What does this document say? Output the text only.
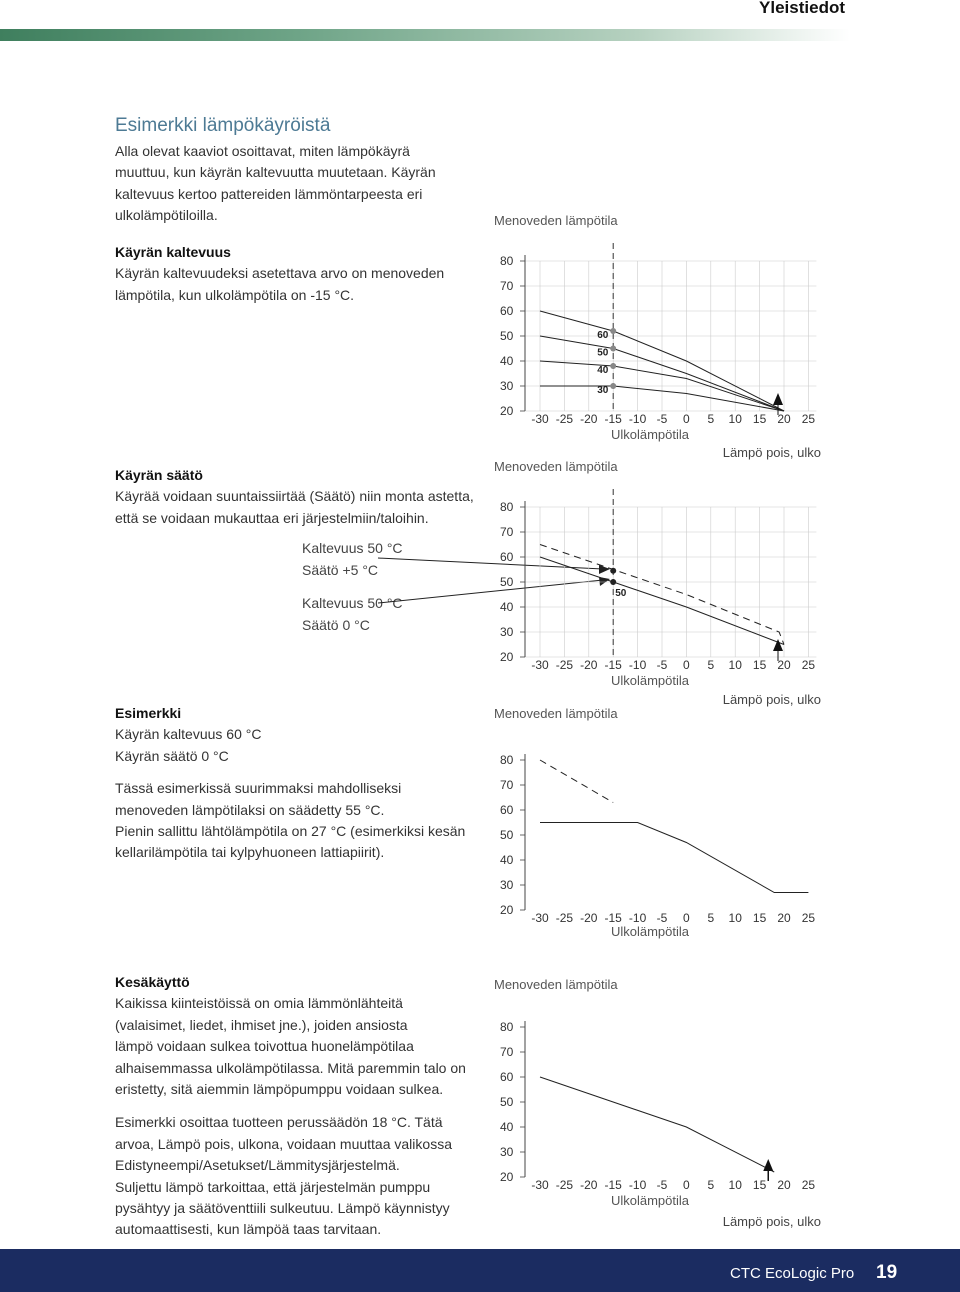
Yleistiedot
Esimerkki lämpökäyröistä

Alla olevat kaaviot osoittavat, miten lämpökäyrä

muuttuu, kun käyrän kaltevuutta muutetaan. Käyrän

kaltevuus kertoo pattereiden lämmöntarpeesta eri

ulkolämpötiloilla.

Käyrän kaltevuus

Käyrän kaltevuudeksi asetettava arvo on menoveden

lämpötila, kun ulkolämpötila on -15 °C.

Käyrän säätö

Käyrää voidaan suuntaissiirtää (Säätö) niin monta astetta,

että se voidaan mukauttaa eri järjestelmiin/taloihin.

Kaltevuus 50 °C
Säätö +5 °C
Kaltevuus 50 °C
Säätö 0 °C

Esimerkki

Käyrän kaltevuus 60 °C

Käyrän säätö 0 °C

Tässä esimerkissä suurimmaksi mahdolliseksi

menoveden lämpötilaksi on säädetty 55 °C.

Pienin sallittu lähtölämpötila on 27 °C (esimerkiksi kesän

kellarilämpötila tai kylpyhuoneen lattiapiirit).

Kesäkäyttö

Kaikissa kiinteistöissä on omia lämmönlähteitä

(valaisimet, liedet, ihmiset jne.), joiden ansiosta

lämpö voidaan sulkea toivottua huonelämpötilaa

alhaisemmassa ulkolämpötilassa. Mitä paremmin talo on

eristetty, sitä aiemmin lämpöpumppu voidaan sulkea.

Esimerkki osoittaa tuotteen perussäädön 18 °C. Tätä

arvoa, Lämpö pois, ulkona, voidaan muuttaa valikossa

Edistyneempi/Asetukset/Lämmitysjärjestelmä.

Suljettu lämpö tarkoittaa, että järjestelmän pumppu

pysähtyy ja säätöventtiili sulkeutuu. Lämpö käynnistyy

automaattisesti, kun lämpöä taas tarvitaan.

Menoveden lämpötila
80
70
60
50
40
30
20
-30 -25 -20 -15 -10 -5 0 5 10 15 20 25
Ulkolämpötila
60
50
40
30
Lämpö pois, ulko
Menoveden lämpötila
80
70
60
50
40
30
20
-30 -25 -20 -15 -10 -5 0 5 10 15 20 25
Ulkolämpötila
50
Lämpö pois, ulko
Menoveden lämpötila
80
70
60
50
40
30
20
-30 -25 -20 -15 -10 -5 0 5 10 15 20 25
Ulkolämpötila
Menoveden lämpötila
80
70
60
50
40
30
20
-30 -25 -20 -15 -10 -5 0 5 10 15 20 25
Ulkolämpötila
Lämpö pois, ulko
CTC EcoLogic Pro 19
